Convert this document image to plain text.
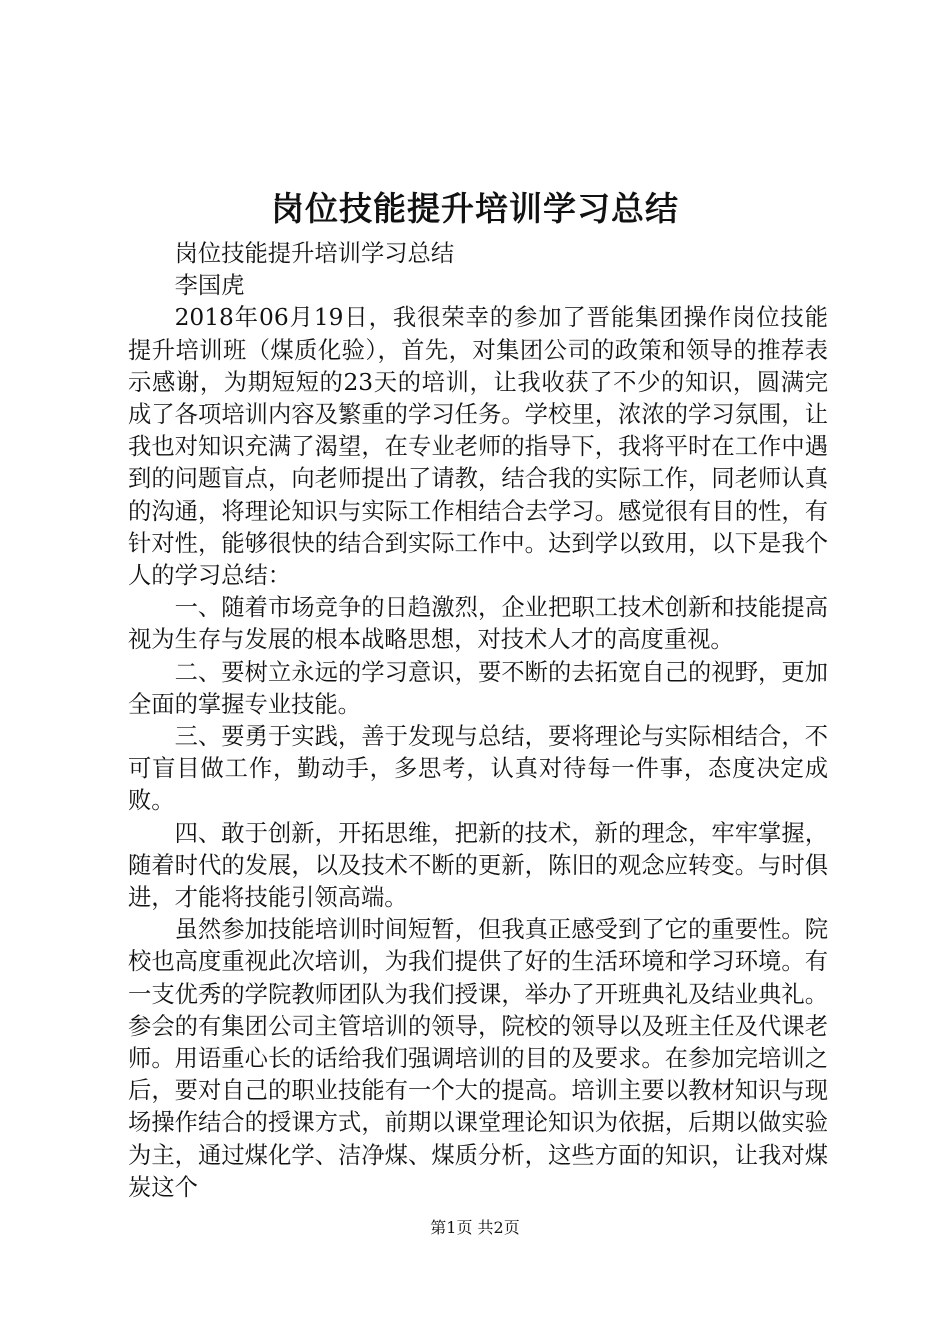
岗位技能提升培训学习总结

岗位技能提升培训学习总结

李国虎

2018年06月19日，我很荣幸的参加了晋能集团操作岗位技能提升培训班（煤质化验），首先，对集团公司的政策和领导的推荐表示感谢，为期短短的23天的培训，让我收获了不少的知识，圆满完成了各项培训内容及繁重的学习任务。学校里，浓浓的学习氛围，让我也对知识充满了渴望，在专业老师的指导下，我将平时在工作中遇到的问题盲点，向老师提出了请教，结合我的实际工作，同老师认真的沟通，将理论知识与实际工作相结合去学习。感觉很有目的性，有针对性，能够很快的结合到实际工作中。达到学以致用，以下是我个人的学习总结：

一、随着市场竞争的日趋激烈，企业把职工技术创新和技能提高视为生存与发展的根本战略思想，对技术人才的高度重视。

二、要树立永远的学习意识，要不断的去拓宽自己的视野，更加全面的掌握专业技能。

三、要勇于实践，善于发现与总结，要将理论与实际相结合，不可盲目做工作，勤动手，多思考，认真对待每一件事，态度决定成败。

四、敢于创新，开拓思维，把新的技术，新的理念，牢牢掌握，随着时代的发展，以及技术不断的更新，陈旧的观念应转变。与时俱进，才能将技能引领高端。

虽然参加技能培训时间短暂，但我真正感受到了它的重要性。院校也高度重视此次培训，为我们提供了好的生活环境和学习环境。有一支优秀的学院教师团队为我们授课，举办了开班典礼及结业典礼。参会的有集团公司主管培训的领导，院校的领导以及班主任及代课老师。用语重心长的话给我们强调培训的目的及要求。在参加完培训之后，要对自己的职业技能有一个大的提高。培训主要以教材知识与现场操作结合的授课方式，前期以课堂理论知识为依据，后期以做实验为主，通过煤化学、洁净煤、煤质分析，这些方面的知识，让我对煤炭这个

第1页 共2页
